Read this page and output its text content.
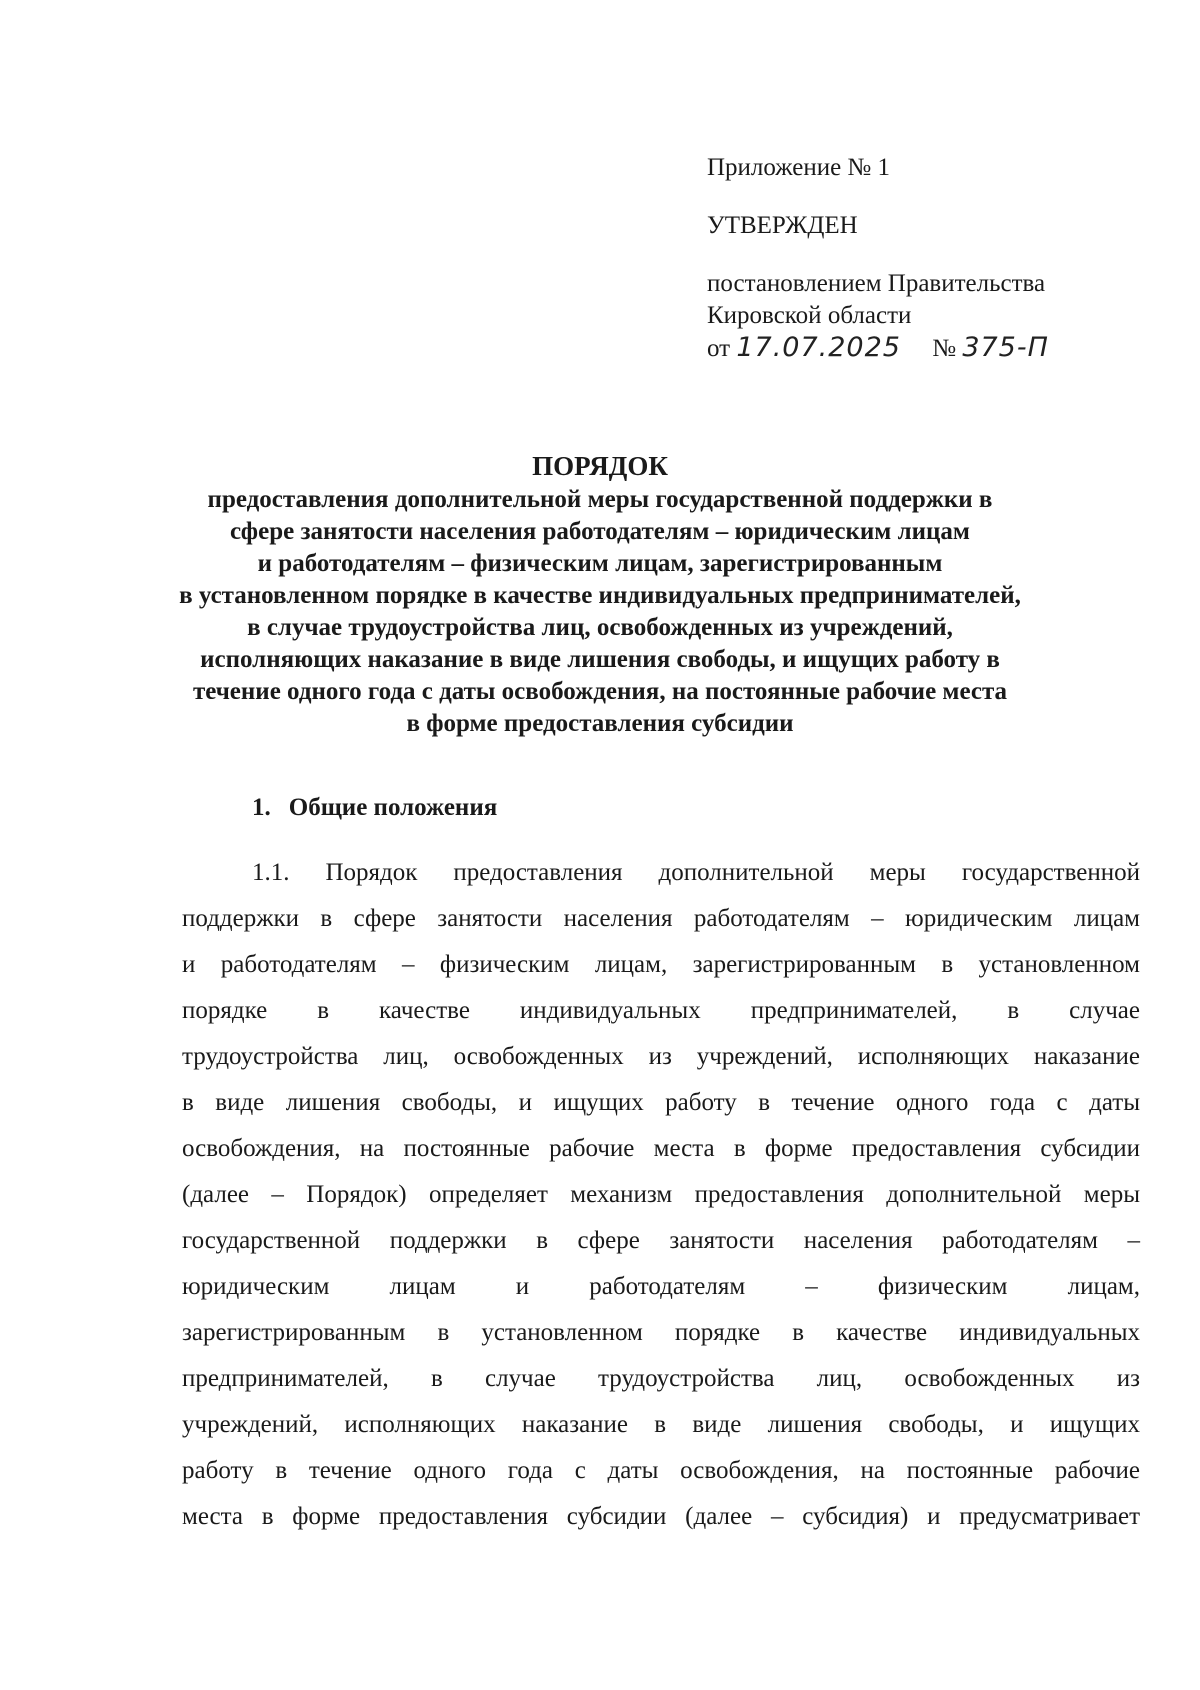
Приложение № 1
УТВЕРЖДЕН
постановлением Правительства
Кировской области
от 17.07.2025 № 375-П
ПОРЯДОК
предоставления дополнительной меры государственной поддержки в
сфере занятости населения работодателям – юридическим лицам
и работодателям – физическим лицам, зарегистрированным
в установленном порядке в качестве индивидуальных предпринимателей,
в случае трудоустройства лиц, освобожденных из учреждений,
исполняющих наказание в виде лишения свободы, и ищущих работу в
течение одного года с даты освобождения, на постоянные рабочие места
в форме предоставления субсидии
1. Общие положения
1.1. Порядок предоставления дополнительной меры государственной
поддержки в сфере занятости населения работодателям – юридическим лицам
и работодателям – физическим лицам, зарегистрированным в установленном
порядке в качестве индивидуальных предпринимателей, в случае
трудоустройства лиц, освобожденных из учреждений, исполняющих наказание
в виде лишения свободы, и ищущих работу в течение одного года с даты
освобождения, на постоянные рабочие места в форме предоставления субсидии
(далее – Порядок) определяет механизм предоставления дополнительной меры
государственной поддержки в сфере занятости населения работодателям –
юридическим лицам и работодателям – физическим лицам,
зарегистрированным в установленном порядке в качестве индивидуальных
предпринимателей, в случае трудоустройства лиц, освобожденных из
учреждений, исполняющих наказание в виде лишения свободы, и ищущих
работу в течение одного года с даты освобождения, на постоянные рабочие
места в форме предоставления субсидии (далее – субсидия) и предусматривает
